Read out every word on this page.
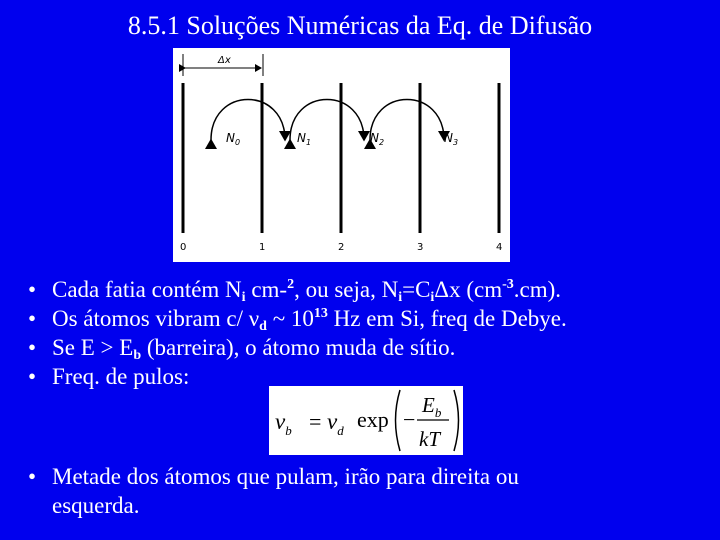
8.5.1 Soluções Numéricas da Eq. de Difusão
Δx
$N_0$	$N_1$	$N_2$	$N_3$
0	1	2	3	4
• Cada fatia contém $N_i$ cm-$^2$, ou seja, $N_i=C_i\Delta x$ $(cm^{-3}.cm)$.
• Os átomos vibram c/ $\nu_d$ ~ $10^{13}$ Hz em Si, freq de Debye.
• Se $E > E_b$ (barreira), o átomo muda de sítio.
• Freq. de pulos:
$\nu_b = \nu_d$ exp −
$E_b$
kT
• Metade dos átomos que pulam, irão para direita ou
esquerda.
